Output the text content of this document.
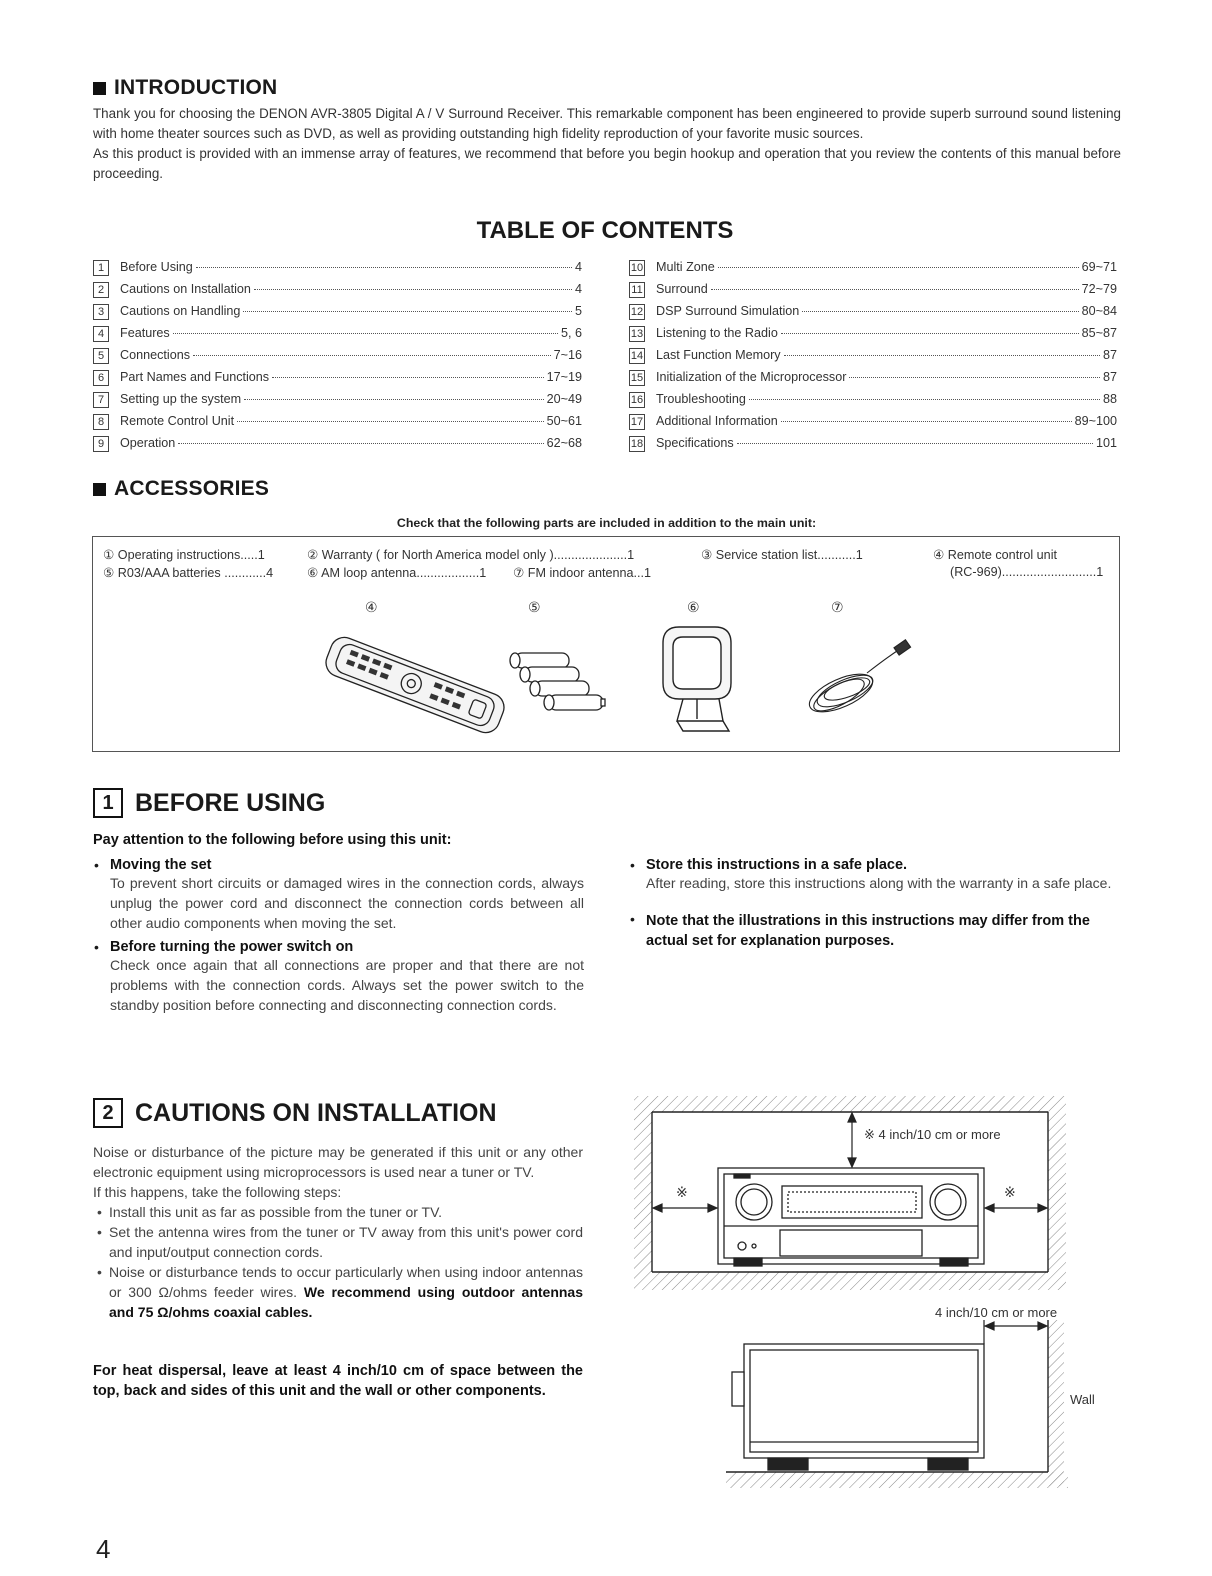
INTRODUCTION
Thank you for choosing the DENON AVR-3805 Digital A / V Surround Receiver. This remarkable component has been engineered to provide superb surround sound listening with home theater sources such as DVD, as well as providing outstanding high fidelity reproduction of your favorite music sources.
As this product is provided with an immense array of features, we recommend that before you begin hookup and operation that you review the contents of this manual before proceeding.
TABLE OF CONTENTS
1	Before Using	4
2	Cautions on Installation	4
3	Cautions on Handling	5
4	Features	5, 6
5	Connections	7~16
6	Part Names and Functions	17~19
7	Setting up the system	20~49
8	Remote Control Unit	50~61
9	Operation	62~68
10 Multi Zone	69~71
11 Surround	72~79
12 DSP Surround Simulation	80~84
13 Listening to the Radio	85~87
14 Last Function Memory	87
15 Initialization of the Microprocessor	87
16 Troubleshooting	88
17 Additional Information	89~100
18 Specifications	101
ACCESSORIES
Check that the following parts are included in addition to the main unit:
① Operating instructions.....1	② Warranty ( for North America model only ).....................1	③ Service station list...........1	④ Remote control unit
(RC-969)...........................1
⑤ R03/AAA batteries ............4	⑥ AM loop antenna..................1 ⑦ FM indoor antenna...1
④	⑤	⑥	⑦
1 BEFORE USING
Pay attention to the following before using this unit:
• Moving the set
To prevent short circuits or damaged wires in the connection cords, always unplug the power cord and disconnect the connection cords between all other audio components when moving the set.
• Before turning the power switch on
Check once again that all connections are proper and that there are not problems with the connection cords. Always set the power switch to the standby position before connecting and disconnecting connection cords.
• Store this instructions in a safe place.
After reading, store this instructions along with the warranty in a safe place.
• Note that the illustrations in this instructions may differ from the actual set for explanation purposes.
2 CAUTIONS ON INSTALLATION
Noise or disturbance of the picture may be generated if this unit or any other electronic equipment using microprocessors is used near a tuner or TV.
If this happens, take the following steps:
• Install this unit as far as possible from the tuner or TV.
• Set the antenna wires from the tuner or TV away from this unit's power cord and input/output connection cords.
• Noise or disturbance tends to occur particularly when using indoor antennas or 300 Ω/ohms feeder wires. We recommend using outdoor antennas and 75 Ω/ohms coaxial cables.
For heat dispersal, leave at least 4 inch/10 cm of space between the top, back and sides of this unit and the wall or other components.
※ 4 inch/10 cm or more
※	※
4 inch/10 cm or more
Wall
4
